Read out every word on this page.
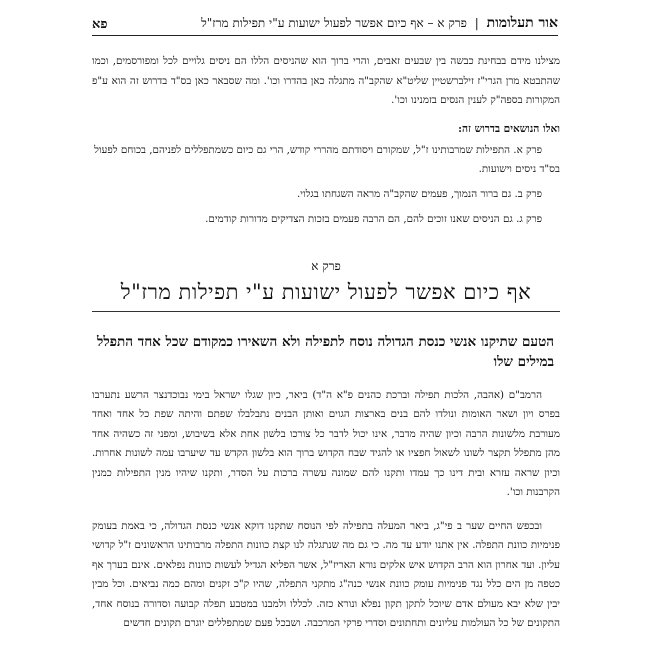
אור תעלומות | פרק א – אף כיום אפשר לפעול ישועות ע"י תפילות מרז"ל
פא

מצילנו מידם בבחינת כבשה בין שבעים זאבים, והרי ברוך הוא שהניסים הללו הם ניסים גלויים לכל ומפורסמים, וכמו שהתבטא מרן הגרי"ז זילברשטיין שליט"א שהקב"ה מתגלה כאן בהדרו וכו'. ומה שסבאר כאן בס"ד בדרוש זה הוא ע"פ המקורות בספה"ק לענין הנסים בזמנינו וכו'.

ואלו הנושאים בדרוש זה:

פרק א. התפילות שמרבותינו ז"ל, שמקורם ויסודתם מהררי קודש, הרי גם כיום כשמתפללים לפניהם, בכוחם לפעול בס"ד ניסים וישועות.

פרק ב. גם ברור הנמוך, פעמים שהקב"ה מראה השגחתו בגלוי.

פרק ג. גם הניסים שאנו זוכים להם, הם הרבה פעמים בזכות הצדיקים מדורות קודמים.

פרק א
אף כיום אפשר לפעול ישועות ע"י תפילות מרז"ל
הטעם שתיקנו אנשי כנסת הגדולה נוסח לתפילה ולא השאירו כמקודם שכל אחד התפלל במילים שלו

הרמב"ם (אהבה, הלכות תפילה וברכת כהנים פ"א ה"ד) ביאר, כיון שגלו ישראל בימי נבוכדנצר הרשע נתערבו בפרס ויון ושאר האומות ונולדו להם בנים בארצות הגוים ואותן הבנים נתבלבלו שפתם והיתה שפת כל אחד ואחד מעורבת מלשונות הרבה וכיון שהיה מדבר, אינו יכול לדבר כל צורכו בלשון אחת אלא בשיבוש, ומפני זה כשהיה אחד מהן מתפלל תקצר לשונו לשאול חפציו או להגיד שבח הקדוש ברוך הוא בלשון הקדש עד שיערבו עמה לשונות אחרות. וכיון שראה עזרא ובית דינו כך עמדו ותקנו להם שמונה עשרה ברכות על הסדר, ותקנו שיהיו מנין התפילות כמנין הקרבנות וכו'.

ובכפש החיים שער ב פי"ג, ביאר המעלה בתפילה לפי הנוסח שתקנו דוקא אנשי כנסת הגדולה, כי באמת בעומק פנימיות כוונת התפלה. אין אתנו יודע עד מה. כי גם מה שנתגלה לנו קצת כוונות התפלה מרבותינו הראשונים ז"ל קדושי עליון. ועד אחרון הוא הרב הקדוש איש אלקים נורא האריז"ל, אשר הפליא הגדיל לעשות כוונות נפלאים. אינם בערך אף כטפה מן הים כלל נגד פנימיות עומק כוונת אנשי כנה"ג מתקני התפלה, שהיו ק"כ זקנים ומהם כמה נביאים. וכל מבין יבין שלא יבא מעולם אדם שיוכל לתקן תקון נפלא ונורא כזה. לכללו ולמבנו במטבע תפלה קבועה וסדורה בנוסח אחד, התקונים של כל העולמות עליונים ותחתונים וסדרי פרקי המרכבה. ושבכל פעם שמתפללים יוגרם תקונים חדשים
